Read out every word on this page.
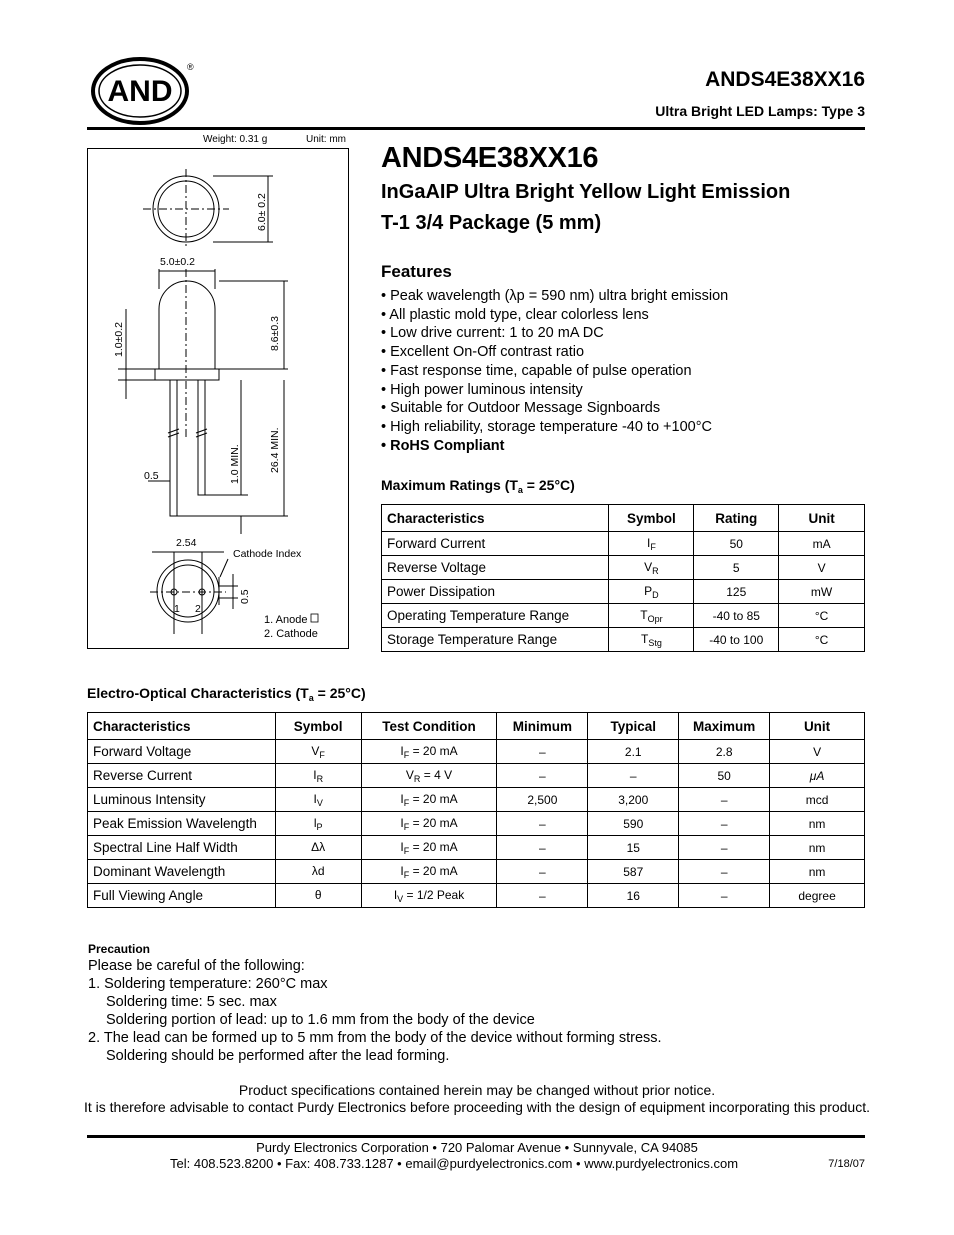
AND
®
ANDS4E38XX16
Ultra Bright LED Lamps: Type 3
Weight: 0.31 g	Unit: mm
6.0± 0.2
5.0±0.2
1.0±0.2	8.6±0.3
1.0 MIN.	26.4 MIN.
0.5
2.54
Cathode Index
0.5
1 2
1. Anode
2. Cathode
ANDS4E38XX16
InGaAIP Ultra Bright Yellow Light Emission
T-1 3/4 Package (5 mm)
Features
• Peak wavelength (λp = 590 nm) ultra bright emission
• All plastic mold type, clear colorless lens
• Low drive current: 1 to 20 mA DC
• Excellent On-Off contrast ratio
• Fast response time, capable of pulse operation
• High power luminous intensity
• Suitable for Outdoor Message Signboards
• High reliability, storage temperature -40 to +100°C
• RoHS Compliant
Maximum Ratings $(T_a = 25^\circ C)$
Characteristics	Symbol	Rating	Unit
Forward Current	$I_F$	50	mA
Reverse Voltage	$V_R$	5	V
Power Dissipation	$P_D$	125	mW
Operating Temperature Range	$T_{Opr}$	-40 to 85	°C
Storage Temperature Range	$T_{Stg}$	-40 to 100	°C
Electro-Optical Characteristics $(T_a = 25^\circ C)$
Characteristics	Symbol	Test Condition	Minimum	Typical	Maximum	Unit
Forward Voltage	$V_F$	$I_F = 20$ mA	–	2.1	2.8	V
Reverse Current	$I_R$	$V_R = 4$ V	–	–	50	μA
Luminous Intensity	$I_V$	$I_F = 20$ mA	2,500	3,200	–	mcd
Peak Emission Wavelength	$l_P$	$I_F = 20$ mA	–	590	–	nm
Spectral Line Half Width	Δλ	$I_F = 20$ mA	–	15	–	nm
Dominant Wavelength	λd	$I_F = 20$ mA	–	587	–	nm
Full Viewing Angle	θ	$I_V = 1/2$ Peak	–	16	–	degree
Precaution
Please be careful of the following:
1. Soldering temperature: 260°C max
Soldering time: 5 sec. max
Soldering portion of lead: up to 1.6 mm from the body of the device
2. The lead can be formed up to 5 mm from the body of the device without forming stress.
Soldering should be performed after the lead forming.
Product specifications contained herein may be changed without prior notice.
It is therefore advisable to contact Purdy Electronics before proceeding with the design of equipment incorporating this product.
Purdy Electronics Corporation • 720 Palomar Avenue • Sunnyvale, CA 94085
Tel: 408.523.8200 • Fax: 408.733.1287 • email@purdyelectronics.com • www.purdyelectronics.com	7/18/07
